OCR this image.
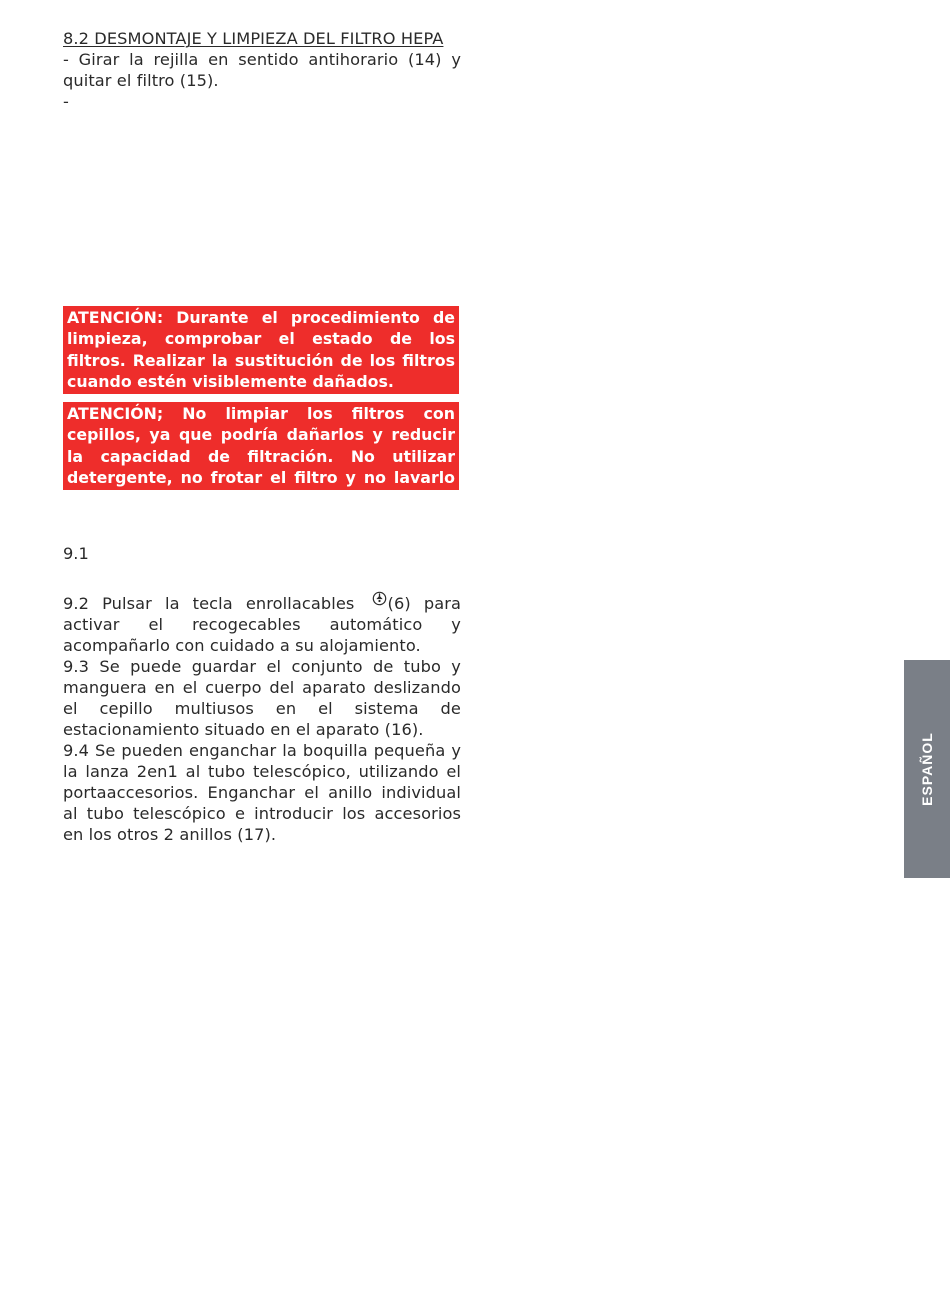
8.2 DESMONTAJE Y LIMPIEZA DEL FILTRO HEPA
- Girar la rejilla en sentido antihorario (14) y quitar el filtro (15).
-
ATENCIÓN: Durante el procedimiento de limpieza, comprobar el estado de los filtros. Realizar la sustitución de los filtros cuando estén visiblemente dañados.
ATENCIÓN; No limpiar los filtros con cepillos, ya que podría dañarlos y reducir la capacidad de filtración. No utilizar detergente, no frotar el filtro y no lavarlo en el lavavajillas.
9.1
9.2 Pulsar la tecla enrollacables (6) para activar el recogecables automático y acompañarlo con cuidado a su alojamiento.
9.3 Se puede guardar el conjunto de tubo y manguera en el cuerpo del aparato deslizando el cepillo multiusos en el sistema de estacionamiento situado en el aparato (16).
9.4 Se pueden enganchar la boquilla pequeña y la lanza 2en1 al tubo telescópico, utilizando el portaaccesorios. Enganchar el anillo individual al tubo telescópico e introducir los accesorios en los otros 2 anillos (17).
ESPAÑOL
